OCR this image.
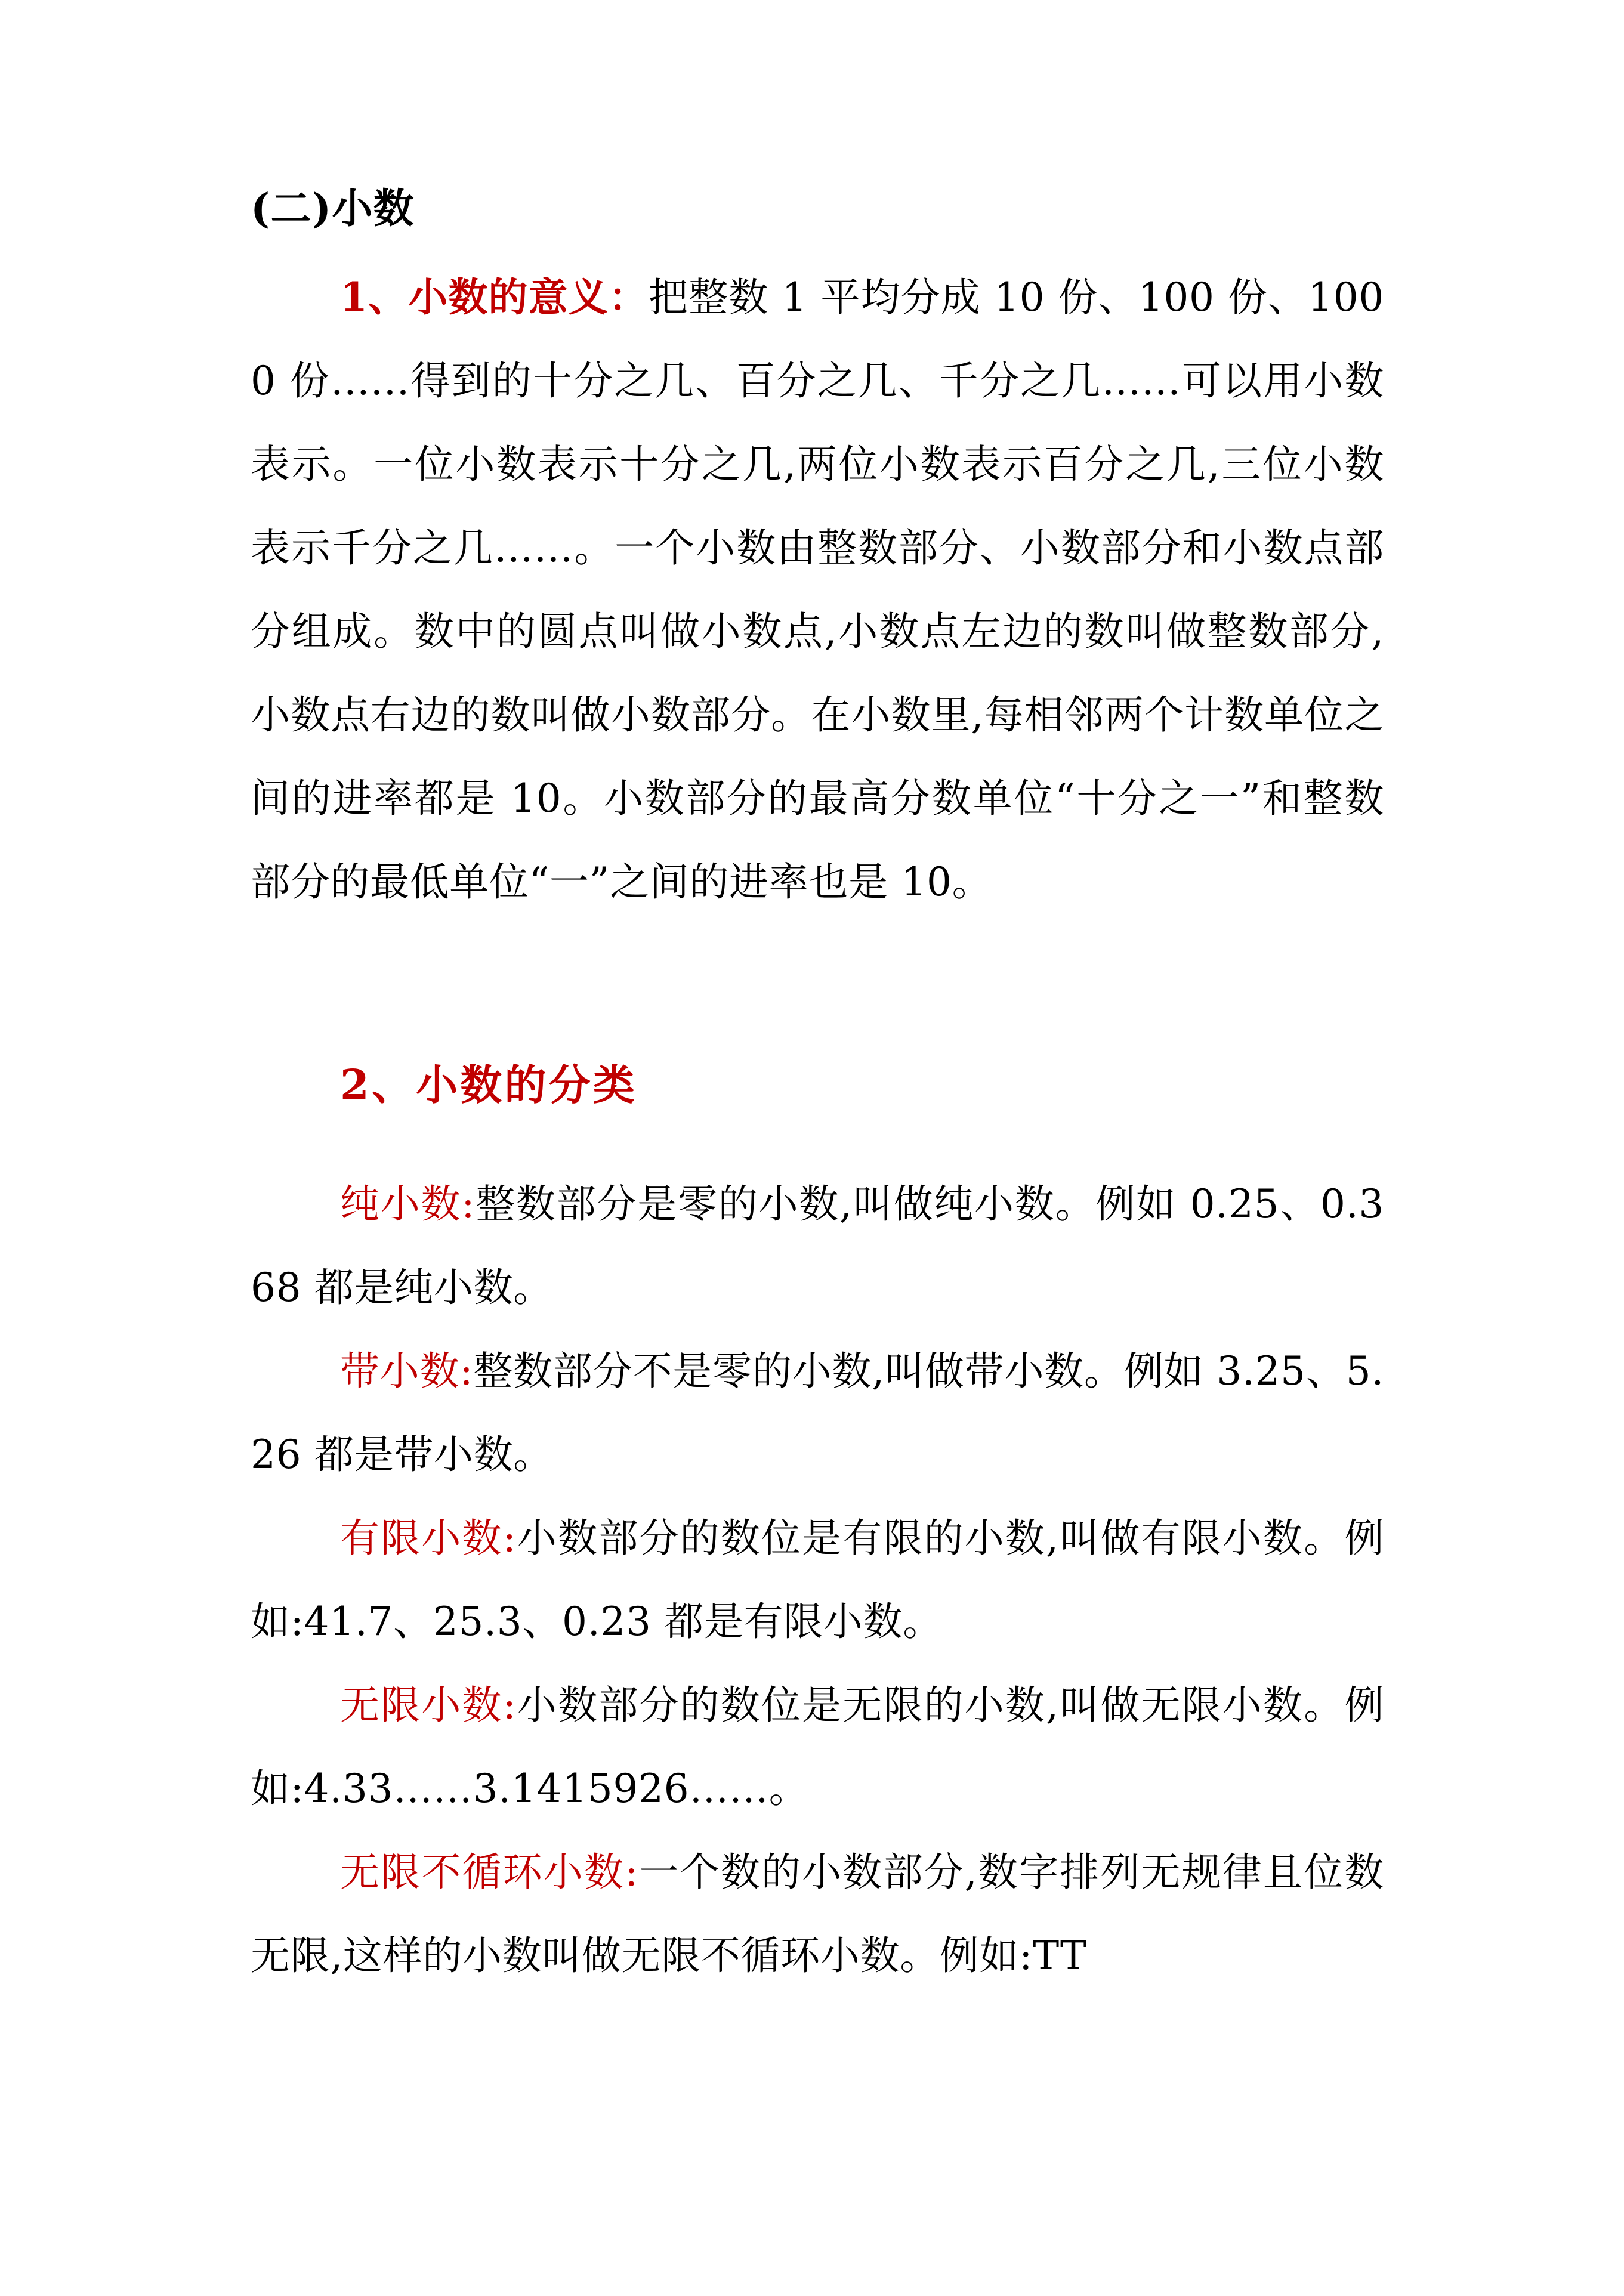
(二)小数

1、小数的意义：把整数 1 平均分成 10 份、100 份、1000 份……得到的十分之几、百分之几、千分之几……可以用小数表示。一位小数表示十分之几,两位小数表示百分之几,三位小数表示千分之几……。一个小数由整数部分、小数部分和小数点部分组成。数中的圆点叫做小数点,小数点左边的数叫做整数部分,小数点右边的数叫做小数部分。在小数里,每相邻两个计数单位之间的进率都是 10。小数部分的最高分数单位“十分之一”和整数部分的最低单位“一”之间的进率也是 10。

2、小数的分类

纯小数:整数部分是零的小数,叫做纯小数。例如 0.25、0.368 都是纯小数。

带小数:整数部分不是零的小数,叫做带小数。例如 3.25、5.26 都是带小数。

有限小数:小数部分的数位是有限的小数,叫做有限小数。例如:41.7、25.3、0.23 都是有限小数。

无限小数:小数部分的数位是无限的小数,叫做无限小数。例如:4.33……3.1415926……。

无限不循环小数:一个数的小数部分,数字排列无规律且位数无限,这样的小数叫做无限不循环小数。例如:TT
